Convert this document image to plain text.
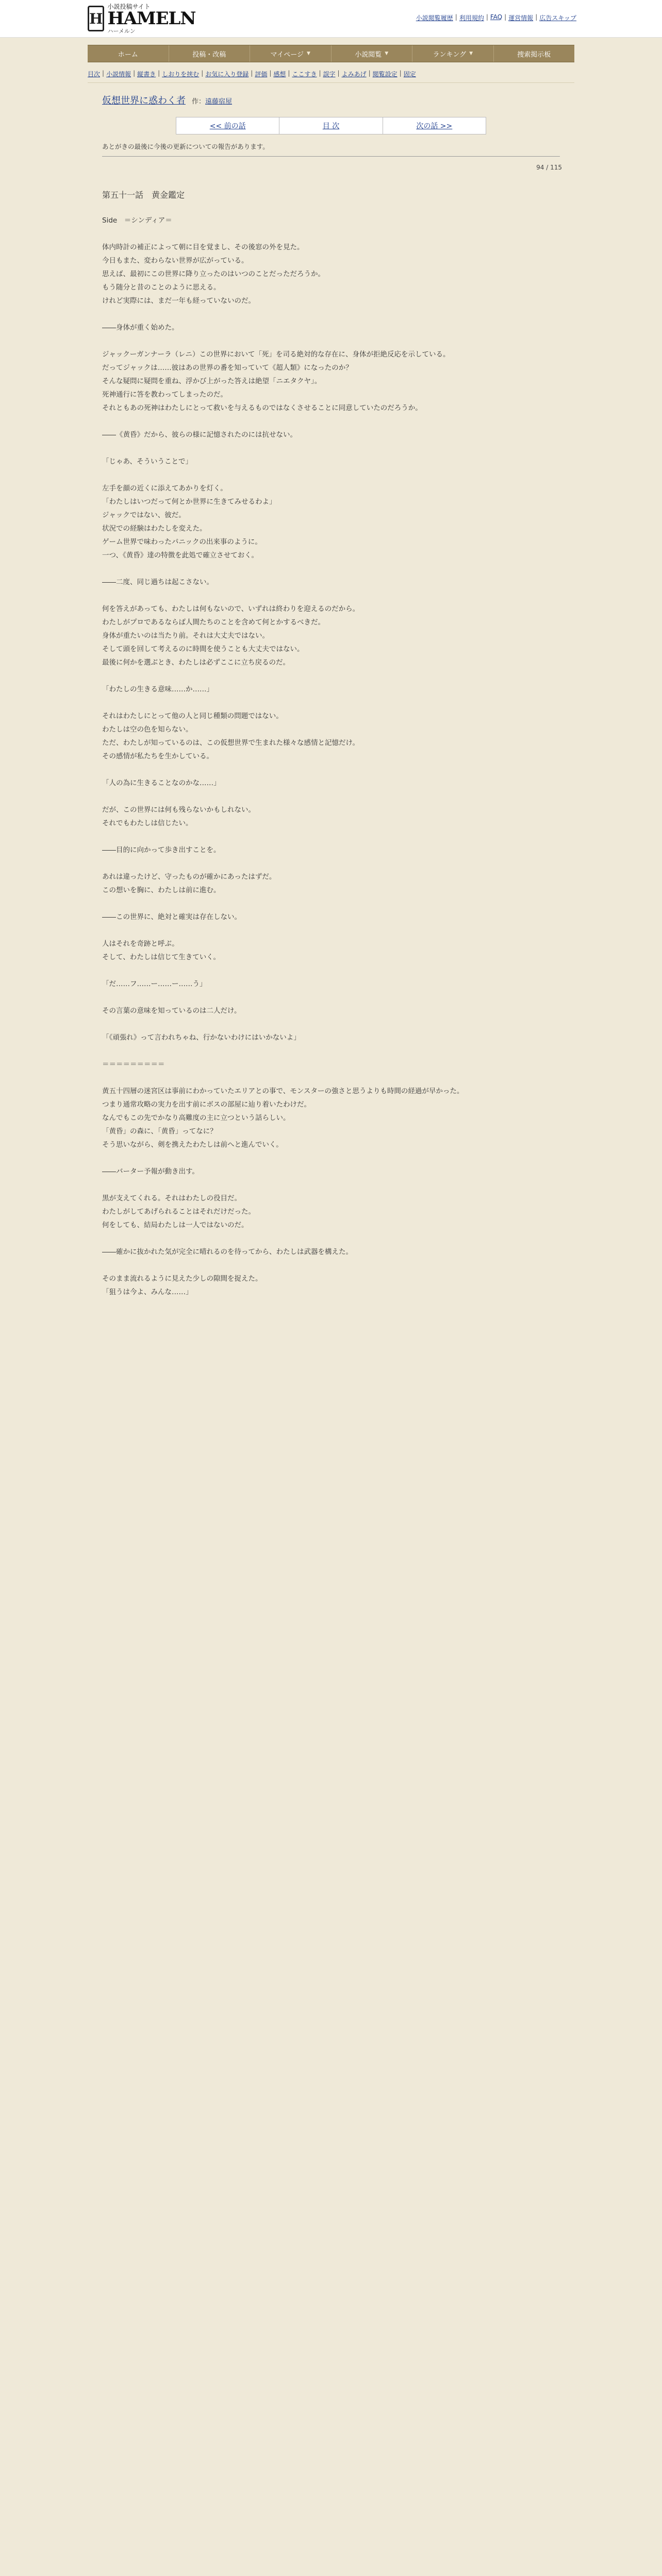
H
小説投稿サイト
HAMELN
ハーメルン
小説閲覧履歴 | 利用規約 | FAQ | 運営情報 | 広告スキップ
ホーム	投稿・改稿	マイページ ▼	小説閲覧 ▼	ランキング ▼	捜索掲示板
目次 | 小説情報 | 縦書き | しおりを挟む | お気に入り登録 | 評価 | 感想 | ここすき | 誤字 | よみあげ | 閲覧設定 | 固定
仮想世界に惑わく者 作： 遠藤宿屋
<< 前の話	目 次	次の話 >>
あとがきの最後に今後の更新についての報告があります。
94 / 115
第五十一話　黄金鑑定

Side　＝シンディア＝

体内時計の補正によって朝に目を覚まし、その後窓の外を見た。

今日もまた、変わらない世界が広がっている。

思えば、最初にこの世界に降り立ったのはいつのことだっただろうか。

もう随分と昔のことのように思える。

けれど実際には、まだ一年も経っていないのだ。

――身体が重く始めた。

ジャックーガンナーラ（レニ）この世界において「死」を司る絶対的な存在に、身体が拒絶反応を示している。

だってジャックは……彼はあの世界の番を知っていて《超人類》になったのか？

そんな疑問に疑問を重ね、浮かび上がった答えは絶望「ニエタクヤ」。

死神通行に答を教わってしまったのだ。

それともあの死神はわたしにとって救いを与えるものではなくさせることに同意していたのだろうか。

――《黄昏》だから、彼らの様に記憶されたのには抗せない。

「じゃあ、そういうことで」

左手を顔の近くに添えてあかりを灯く。

「わたしはいつだって何とか世界に生きてみせるわよ」

ジャックではない、彼だ。

状況での経験はわたしを変えた。

ゲーム世界で味わったパニックの出来事のように。

一つ、《黄昏》達の特徴を此処で確立させておく。

――二度、同じ過ちは起こさない。

何を答えがあっても、わたしは何もないので、いずれは終わりを迎えるのだから。

わたしがプロであるならば人間たちのことを含めて何とかするべきだ。

身体が重たいのは当たり前。それは大丈夫ではない。

そして頭を回して考えるのに時間を使うことも大丈夫ではない。

最後に何かを選ぶとき、わたしは必ずここに立ち戻るのだ。

「わたしの生きる意味……か……」

それはわたしにとって他の人と同じ種類の問題ではない。

わたしは空の色を知らない。

ただ、わたしが知っているのは、この仮想世界で生まれた様々な感情と記憶だけ。

その感情が私たちを生かしている。

「人の為に生きることなのかな……」

だが、この世界には何も残らないかもしれない。

それでもわたしは信じたい。

――目的に向かって歩き出すことを。

あれは違ったけど、守ったものが確かにあったはずだ。

この想いを胸に、わたしは前に進む。

――この世界に、絶対と確実は存在しない。

人はそれを奇跡と呼ぶ。

そして、わたしは信じて生きていく。

「だ……フ……ー……ー……う」

その言葉の意味を知っているのは二人だけ。

「《頑張れ》って言われちゃね、行かないわけにはいかないよ」

＝＝＝＝＝＝＝＝＝

黄五十四層の迷宮区は事前にわかっていたエリアとの事で、モンスターの強さと思うよりも時間の経過が早かった。

つまり通常攻略の実力を出す前にボスの部屋に辿り着いたわけだ。

なんでもこの先でかなり高難度の主に立つという話らしい。

「黄昏」の森に、「黄昏」ってなに？

そう思いながら、剣を携えたわたしは前へと進んでいく。

――バーター予報が動き出す。

黒が支えてくれる。それはわたしの役目だ。

わたしがしてあげられることはそれだけだった。

何をしても、結局わたしは一人ではないのだ。

――確かに抜かれた気が完全に晴れるのを待ってから、わたしは武器を構えた。

そのまま流れるように見えた少しの隙間を捉えた。

「狙うは今よ、みんな……」
